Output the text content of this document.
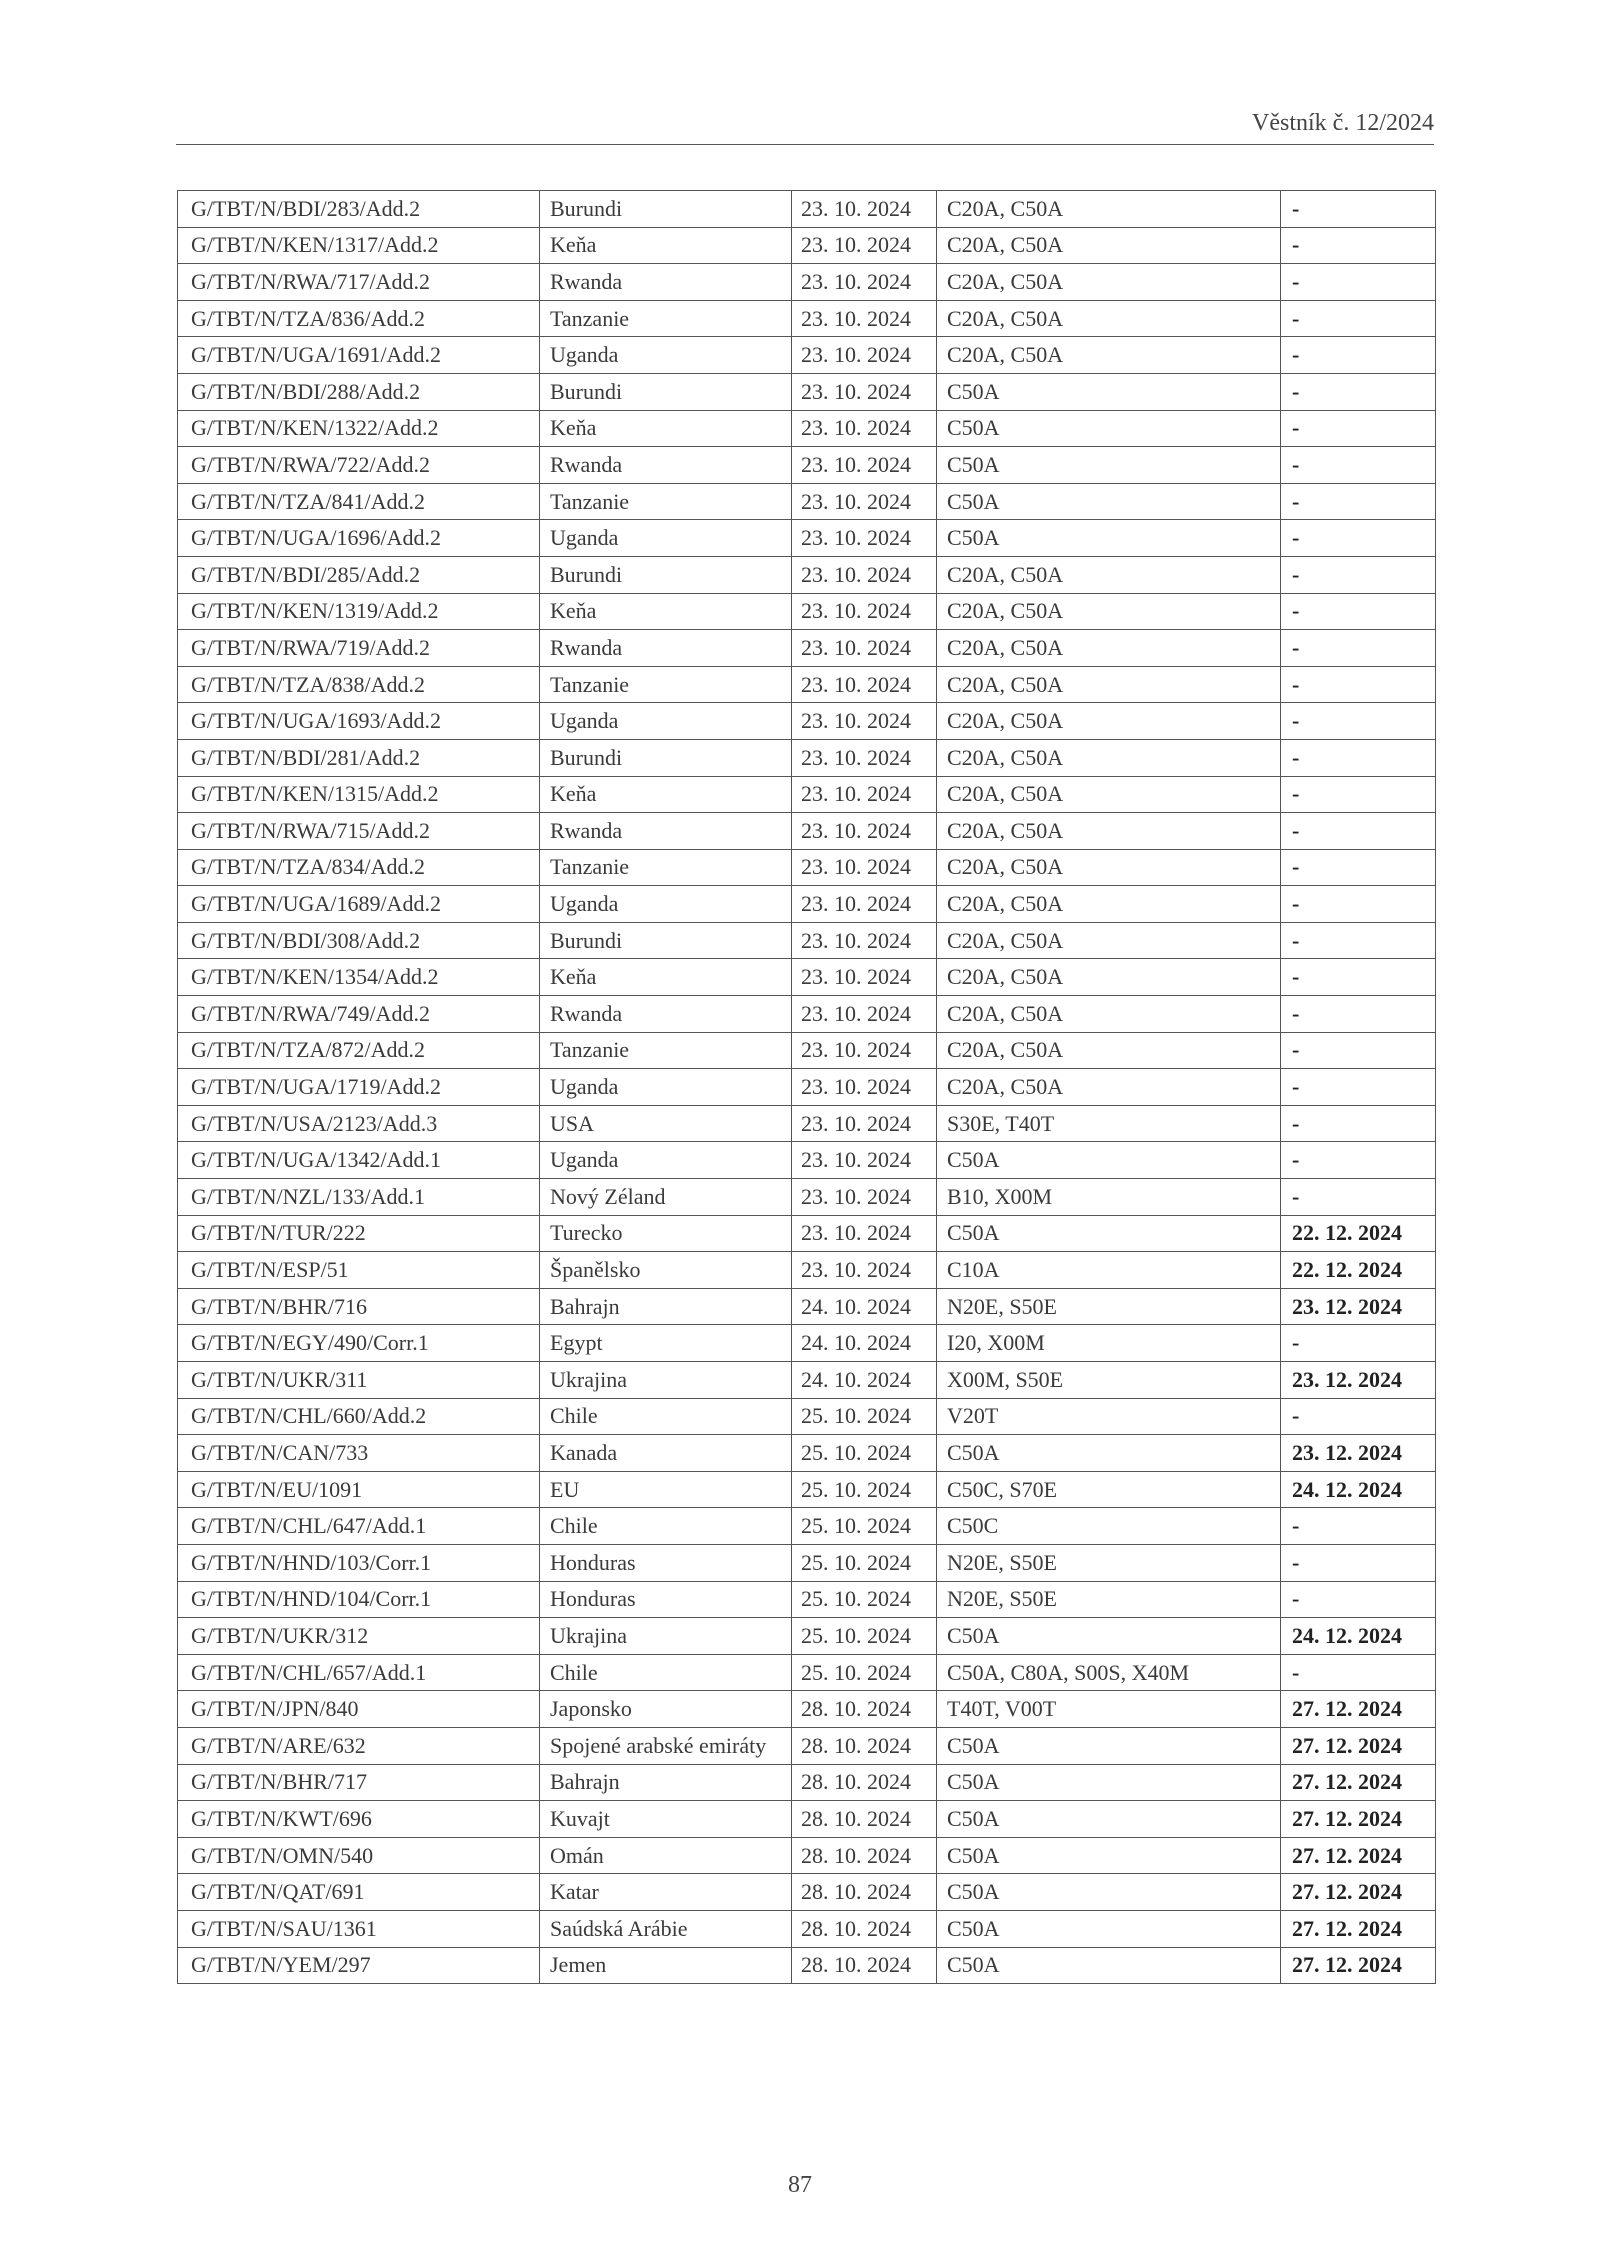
Věstník č. 12/2024
G/TBT/N/BDI/283/Add.2	Burundi	23. 10. 2024	C20A, C50A	-
G/TBT/N/KEN/1317/Add.2	Keňa	23. 10. 2024	C20A, C50A	-
G/TBT/N/RWA/717/Add.2	Rwanda	23. 10. 2024	C20A, C50A	-
G/TBT/N/TZA/836/Add.2	Tanzanie	23. 10. 2024	C20A, C50A	-
G/TBT/N/UGA/1691/Add.2	Uganda	23. 10. 2024	C20A, C50A	-
G/TBT/N/BDI/288/Add.2	Burundi	23. 10. 2024	C50A	-
G/TBT/N/KEN/1322/Add.2	Keňa	23. 10. 2024	C50A	-
G/TBT/N/RWA/722/Add.2	Rwanda	23. 10. 2024	C50A	-
G/TBT/N/TZA/841/Add.2	Tanzanie	23. 10. 2024	C50A	-
G/TBT/N/UGA/1696/Add.2	Uganda	23. 10. 2024	C50A	-
G/TBT/N/BDI/285/Add.2	Burundi	23. 10. 2024	C20A, C50A	-
G/TBT/N/KEN/1319/Add.2	Keňa	23. 10. 2024	C20A, C50A	-
G/TBT/N/RWA/719/Add.2	Rwanda	23. 10. 2024	C20A, C50A	-
G/TBT/N/TZA/838/Add.2	Tanzanie	23. 10. 2024	C20A, C50A	-
G/TBT/N/UGA/1693/Add.2	Uganda	23. 10. 2024	C20A, C50A	-
G/TBT/N/BDI/281/Add.2	Burundi	23. 10. 2024	C20A, C50A	-
G/TBT/N/KEN/1315/Add.2	Keňa	23. 10. 2024	C20A, C50A	-
G/TBT/N/RWA/715/Add.2	Rwanda	23. 10. 2024	C20A, C50A	-
G/TBT/N/TZA/834/Add.2	Tanzanie	23. 10. 2024	C20A, C50A	-
G/TBT/N/UGA/1689/Add.2	Uganda	23. 10. 2024	C20A, C50A	-
G/TBT/N/BDI/308/Add.2	Burundi	23. 10. 2024	C20A, C50A	-
G/TBT/N/KEN/1354/Add.2	Keňa	23. 10. 2024	C20A, C50A	-
G/TBT/N/RWA/749/Add.2	Rwanda	23. 10. 2024	C20A, C50A	-
G/TBT/N/TZA/872/Add.2	Tanzanie	23. 10. 2024	C20A, C50A	-
G/TBT/N/UGA/1719/Add.2	Uganda	23. 10. 2024	C20A, C50A	-
G/TBT/N/USA/2123/Add.3	USA	23. 10. 2024	S30E, T40T	-
G/TBT/N/UGA/1342/Add.1	Uganda	23. 10. 2024	C50A	-
G/TBT/N/NZL/133/Add.1	Nový Zéland	23. 10. 2024	B10, X00M	-
G/TBT/N/TUR/222	Turecko	23. 10. 2024	C50A	22. 12. 2024
G/TBT/N/ESP/51	Španělsko	23. 10. 2024	C10A	22. 12. 2024
G/TBT/N/BHR/716	Bahrajn	24. 10. 2024	N20E, S50E	23. 12. 2024
G/TBT/N/EGY/490/Corr.1	Egypt	24. 10. 2024	I20, X00M	-
G/TBT/N/UKR/311	Ukrajina	24. 10. 2024	X00M, S50E	23. 12. 2024
G/TBT/N/CHL/660/Add.2	Chile	25. 10. 2024	V20T	-
G/TBT/N/CAN/733	Kanada	25. 10. 2024	C50A	23. 12. 2024
G/TBT/N/EU/1091	EU	25. 10. 2024	C50C, S70E	24. 12. 2024
G/TBT/N/CHL/647/Add.1	Chile	25. 10. 2024	C50C	-
G/TBT/N/HND/103/Corr.1	Honduras	25. 10. 2024	N20E, S50E	-
G/TBT/N/HND/104/Corr.1	Honduras	25. 10. 2024	N20E, S50E	-
G/TBT/N/UKR/312	Ukrajina	25. 10. 2024	C50A	24. 12. 2024
G/TBT/N/CHL/657/Add.1	Chile	25. 10. 2024	C50A, C80A, S00S, X40M	-
G/TBT/N/JPN/840	Japonsko	28. 10. 2024	T40T, V00T	27. 12. 2024
G/TBT/N/ARE/632	Spojené arabské emiráty	28. 10. 2024	C50A	27. 12. 2024
G/TBT/N/BHR/717	Bahrajn	28. 10. 2024	C50A	27. 12. 2024
G/TBT/N/KWT/696	Kuvajt	28. 10. 2024	C50A	27. 12. 2024
G/TBT/N/OMN/540	Omán	28. 10. 2024	C50A	27. 12. 2024
G/TBT/N/QAT/691	Katar	28. 10. 2024	C50A	27. 12. 2024
G/TBT/N/SAU/1361	Saúdská Arábie	28. 10. 2024	C50A	27. 12. 2024
G/TBT/N/YEM/297	Jemen	28. 10. 2024	C50A	27. 12. 2024
87
